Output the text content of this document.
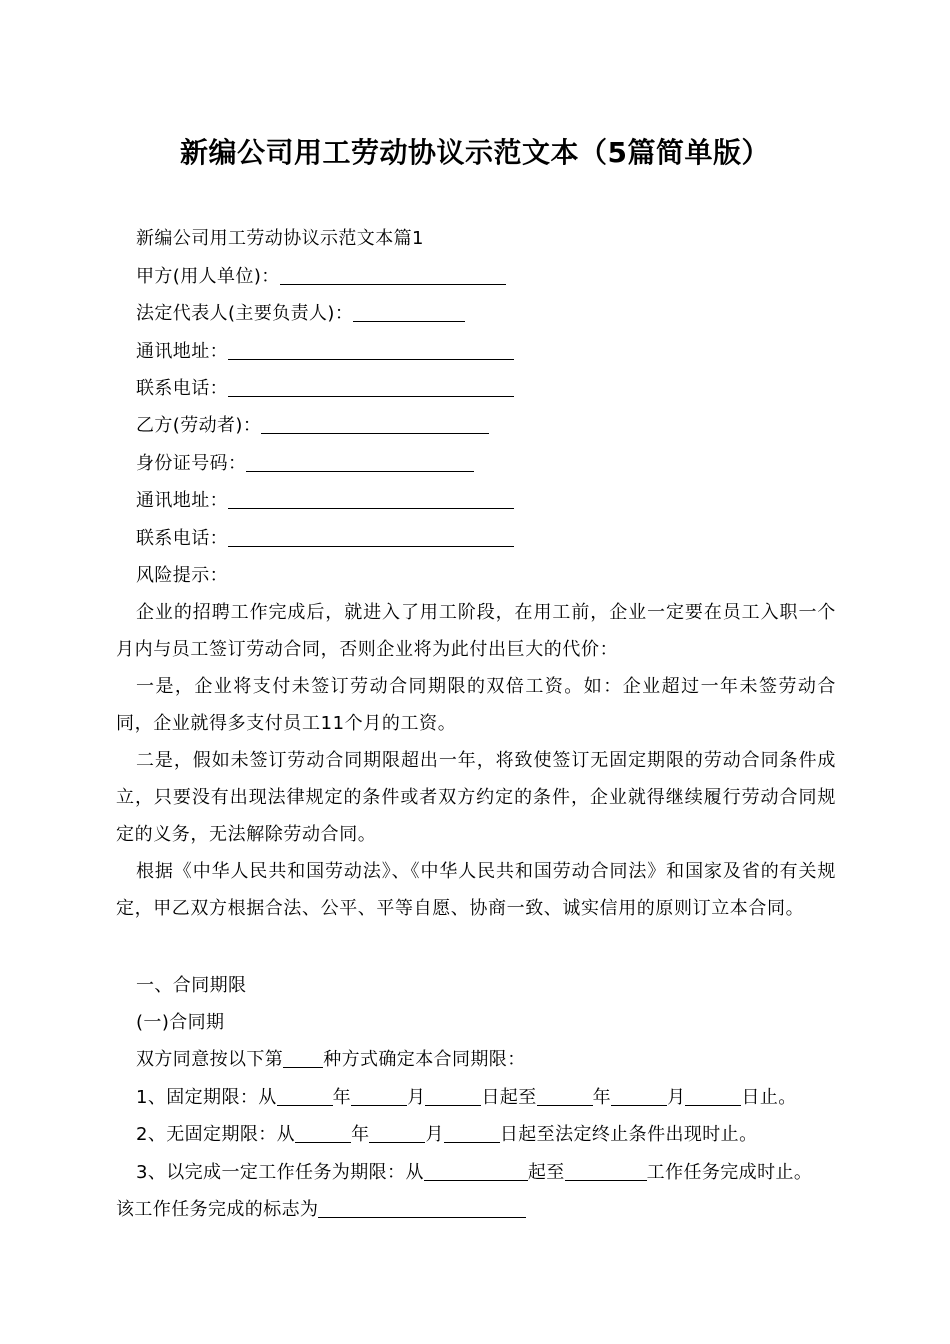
新编公司用工劳动协议示范文本（5篇简单版）
新编公司用工劳动协议示范文本篇1
甲方(用人单位)：
法定代表人(主要负责人)：
通讯地址：
联系电话：
乙方(劳动者)：
身份证号码：
通讯地址：
联系电话：
风险提示：
企业的招聘工作完成后，就进入了用工阶段，在用工前，企业一定要在员工入职一个月内与员工签订劳动合同，否则企业将为此付出巨大的代价：
一是，企业将支付未签订劳动合同期限的双倍工资。如：企业超过一年未签劳动合同，企业就得多支付员工11个月的工资。
二是，假如未签订劳动合同期限超出一年，将致使签订无固定期限的劳动合同条件成立，只要没有出现法律规定的条件或者双方约定的条件，企业就得继续履行劳动合同规定的义务，无法解除劳动合同。
根据《中华人民共和国劳动法》、《中华人民共和国劳动合同法》和国家及省的有关规定，甲乙双方根据合法、公平、平等自愿、协商一致、诚实信用的原则订立本合同。
一、合同期限
(一)合同期
双方同意按以下第 种方式确定本合同期限：
1、固定期限：从	年	月	日起至	年	月	日止。
2、无固定期限：从	年	月	日起至法定终止条件出现时止。
3、以完成一定工作任务为期限：从	起至	工作任务完成时止。
该工作任务完成的标志为
